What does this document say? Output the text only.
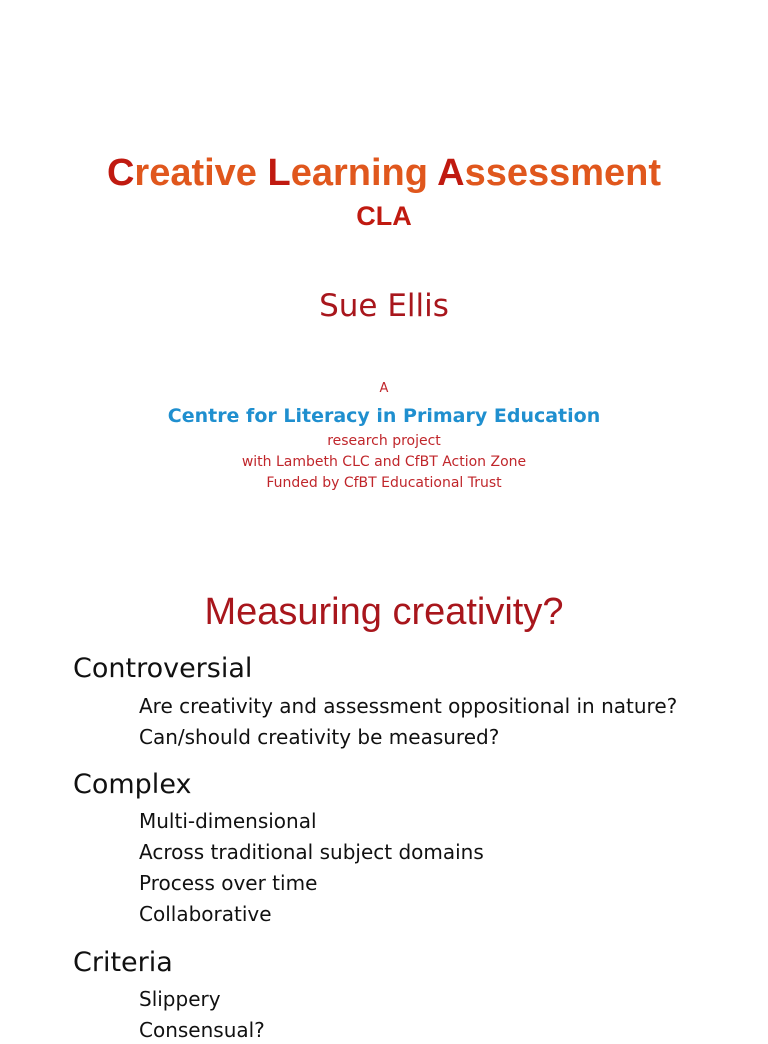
Creative Learning Assessment
CLA
Sue Ellis
A
Centre for Literacy in Primary Education
research project
with Lambeth CLC and CfBT Action Zone
Funded by CfBT Educational Trust
Measuring creativity?
Controversial
Are creativity and assessment oppositional in nature?
Can/should creativity be measured?
Complex
Multi-dimensional
Across traditional subject domains
Process over time
Collaborative
Criteria
Slippery
Consensual?
